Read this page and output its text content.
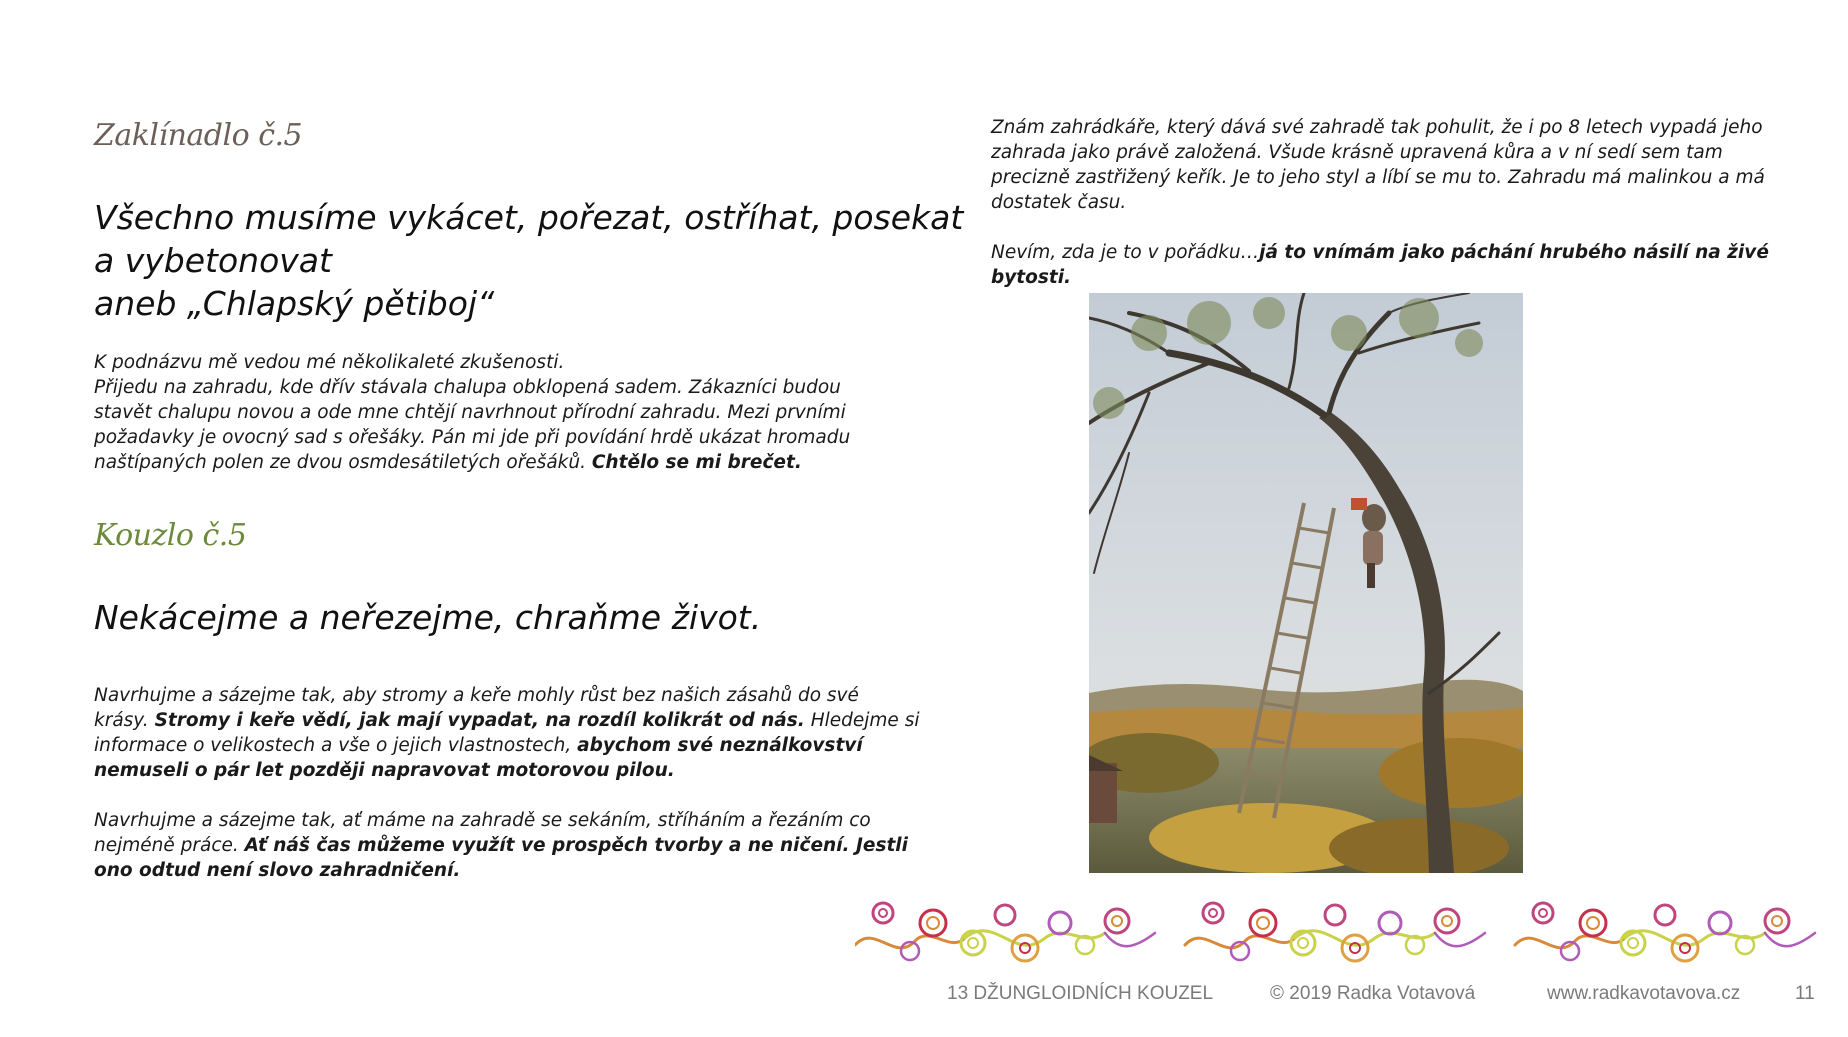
Zaklínadlo č.5
Všechno musíme vykácet, pořezat, ostříhat, posekat
a vybetonovat
aneb „Chlapský pětiboj“
K podnázvu mě vedou mé několikaleté zkušenosti.
Přijedu na zahradu, kde dřív stávala chalupa obklopená sadem. Zákazníci budou
stavět chalupu novou a ode mne chtějí navrhnout přírodní zahradu. Mezi prvními
požadavky je ovocný sad s ořešáky. Pán mi jde při povídání hrdě ukázat hromadu
naštípaných polen ze dvou osmdesátiletých ořešáků. Chtělo se mi brečet.
Kouzlo č.5
Nekácejme a neřezejme, chraňme život.
Navrhujme a sázejme tak, aby stromy a keře mohly růst bez našich zásahů do své
krásy. Stromy i keře vědí, jak mají vypadat, na rozdíl kolikrát od nás. Hledejme si
informace o velikostech a vše o jejich vlastnostech, abychom své neználkovství
nemuseli o pár let později napravovat motorovou pilou.
Navrhujme a sázejme tak, ať máme na zahradě se sekáním, stříháním a řezáním co
nejméně práce. Ať náš čas můžeme využít ve prospěch tvorby a ne ničení. Jestli
ono odtud není slovo zahradničení.
Znám zahrádkáře, který dává své zahradě tak pohulit, že i po 8 letech vypadá jeho
zahrada jako právě založená. Všude krásně upravená kůra a v ní sedí sem tam
precizně zastřižený keřík. Je to jeho styl a líbí se mu to. Zahradu má malinkou a má
dostatek času.
Nevím, zda je to v pořádku…já to vnímám jako páchání hrubého násilí na živé
bytosti.
13 DŽUNGLOIDNÍCH KOUZEL	© 2019 Radka Votavová	www.radkavotavova.cz	11
